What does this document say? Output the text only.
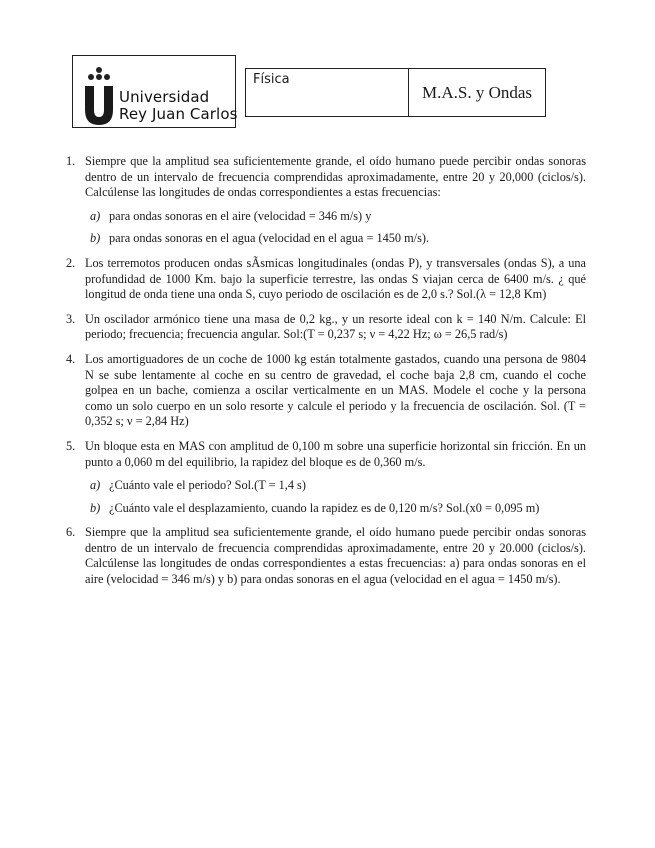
Universidad
Rey Juan Carlos
Física
M.A.S. y Ondas
1. Siempre que la amplitud sea suficientemente grande, el oído humano puede percibir ondas sonoras dentro de un intervalo de frecuencia comprendidas aproximadamente, entre 20 y 20,000 (ciclos/s). Calcúlense las longitudes de ondas correspondientes a estas frecuencias:
a) para ondas sonoras en el aire (velocidad = 346 m/s) y
b) para ondas sonoras en el agua (velocidad en el agua = 1450 m/s).
2. Los terremotos producen ondas sÃsmicas longitudinales (ondas P), y transversales (ondas S), a una profundidad de 1000 Km. bajo la superficie terrestre, las ondas S viajan cerca de 6400 m/s. ¿ qué longitud de onda tiene una onda S, cuyo periodo de oscilación es de 2,0 s.? Sol.(λ = 12,8 Km)
3. Un oscilador armónico tiene una masa de 0,2 kg., y un resorte ideal con k = 140 N/m. Calcule: El periodo; frecuencia; frecuencia angular. Sol:(T = 0,237 s; ν = 4,22 Hz; ω = 26,5 rad/s)
4. Los amortiguadores de un coche de 1000 kg están totalmente gastados, cuando una persona de 9804 N se sube lentamente al coche en su centro de gravedad, el coche baja 2,8 cm, cuando el coche golpea en un bache, comienza a oscilar verticalmente en un MAS. Modele el coche y la persona como un solo cuerpo en un solo resorte y calcule el periodo y la frecuencia de oscilación. Sol. (T = 0,352 s; ν = 2,84 Hz)
5. Un bloque esta en MAS con amplitud de 0,100 m sobre una superficie horizontal sin fricción. En un punto a 0,060 m del equilibrio, la rapidez del bloque es de 0,360 m/s.
a) ¿Cuánto vale el periodo? Sol.(T = 1,4 s)
b) ¿Cuánto vale el desplazamiento, cuando la rapidez es de 0,120 m/s? Sol.(x0 = 0,095 m)
6. Siempre que la amplitud sea suficientemente grande, el oído humano puede percibir ondas sonoras dentro de un intervalo de frecuencia comprendidas aproximadamente, entre 20 y 20.000 (ciclos/s). Calcúlense las longitudes de ondas correspondientes a estas frecuencias: a) para ondas sonoras en el aire (velocidad = 346 m/s) y b) para ondas sonoras en el agua (velocidad en el agua = 1450 m/s).
